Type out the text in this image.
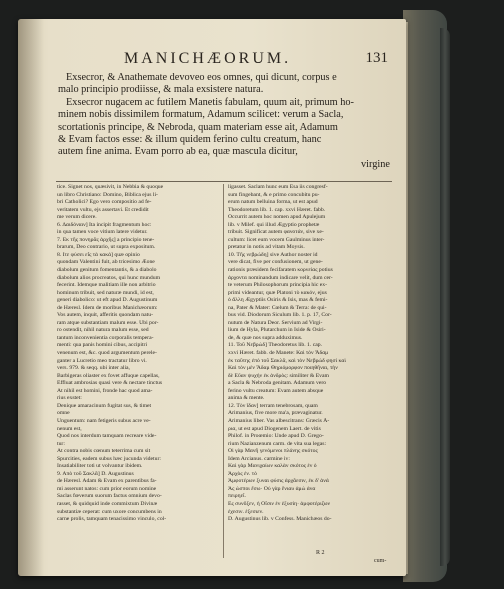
MANICHÆORUM.	131
Exsecror, & Anathemate devoveo eos omnes, qui dicunt, corpus e
malo principio prodiisse, & mala exsistere natura.
Exsecror nugacem ac futilem Manetis fabulam, quum ait, primum ho-
minem nobis dissimilem formatum, Adamum scilicet: verum a Sacla,
scortationis principe, & Nebroda, quam materiam esse ait, Adamum
& Evam factos esse: & illum quidem ferino cultu creatum, hanc
autem fine anima. Evam porro ab ea, quæ mascula dicitur,
virgine
tice. Signet nos, quæsivit, in Nebbia & quoque
un libro Christiano: Domino, Biblica ejus li-
bri Catholici? Ego vero compositio ad fe-
veritatem vultu, ejs assertavi. Et credidit
me verum dicere.
6. Δαιδόναιν] Ita incipit fragmentum hoc:
in qua tamen voce vitium latere videtur.
7. Εκ τῆς πονηρᾶς ἀρχῆς] a principio tene-
brarum, Deo contrario, ut supra expositum.
8. Ιτε φύσει εἶς τὰ κακά] quæ opinio
quondam Valentini fuit, ab tricesimo Æone
diabolum genitum fomentantis, & a diabolo
diabolum alios procreatos, qui hunc mundum
fecerint. Idemque malitiam ille non arbitrio
hominum tribuit, sed naturæ mundi, id est,
generi diabolico: ut eft apud D. Augustinum
de Hæresl. Idem de moribus Manichæorum:
Vos autem, inquit, afferitis quondam natu-
ram atque substantiam malum esse. Ubi por-
ro ostendit, nihil natura malum esse, sed
tantum inconvenientia corporalis tempera-
menti: qua panis homini cibus, accipitri
venenum est, &c. quod argumentum perele-
ganter a Lucretio meo tractatur libro vi.
vers. 979. & seqq. ubi inter alia,
Barbigeras oliaster ex fovet affuque capellas,
Effluat ambrosias quasi vere & nectare tinctus
At nihil est homini, fronde hac quod ama-
rius exstet:
Denique amaracinum fugitat sus, & timet
omne
Unguentum: nam fetigeris subus acre ve-
nenum est,
Quod nos interdum tamquam recreare vide-
tur:
At contra nobis cœnum teterrima cum sit
Spurcities, eadem subus hæc jucunda videtur:
Insatiabiliter toti ut volvantur ibidem.
9. Απὸ τοῦ Σακλᾶ] D. Augustinus
de Hæresl. Adam & Evam ex parentibus fa-
mi asserunt natos: cum prior eorum nomine
Saclas fœverum suorum factus omnium devo-
rasset, & quidquid inde commixtum Divinæ
substantiæ ceperat: cum uxore concumbens in
carne prolis, tamquam tenacissimo vinculo, col-
ligasset. Saclam hunc eum Esa iis congresf-
sum fingebant, & e primo concubitu pu-
erum natum belluina forma, ut est apud
Theodoretum lib. 1. cap. xxvi Hæret. fabb.
Occurrit autem hoc nomen apud Apulejum
lib. v Milef. qui illud Ægyptio prophetæ
tribuit. Significat autem φανοτάν, sive xe-
cultum: licet eum vocem Gaulminus inter-
pretatur in notis ad vitam Moysis.
10. Τῆς νεβρώδη] sive Author noster id
vere dicat, five per confusionem, ut gene-
rationis præsidem fecifaratem κορνείας potius
ἀρχοντα nominandum indicare velit, dum cer-
te veterum Philosophorum principia hic ex-
primi videantur, quæ Platoni τὸ κακόν, ejus
ὁ ἄλλη Ægyptiis Osiris & Isis, mas & femi-
na, Pater & Mater: Cœlum & Terra: de qui-
bus vid. Diodorum Siculum lib. 1. p. 17, Cor-
nutum de Natura Deor. Servium ad Virgi-
lium de Hyla, Plutarchum in Iside & Osiri-
de, & quæ nos supra adduximus.
11. Τοῦ Νεβρώδ] Theodoretus lib. 1. cap.
xxvi Hæret. fabb. de Manete: Καὶ τὸν Ἄδαμ
ἐκ ταῦτης ἐπό τοῦ Σακλᾶ, καὶ τὸν Νεβρώδ φησί καὶ
Καὶ τὸν μὲν Ἄδαμ Θηριόμορφον ποιηθῆναι, τὴν
δὲ Εὔαν ψυχήν ἐκ ἀνδρὸς: similiter & Evam
a Sacla & Nebroda genitam. Adamum vero
ferino vultu creatum: Evam autem absque
anima & mente.
12. Τὸν ἴδαν] terram tenebrosam, quam
Arimanius, five more ma'a, prævaginatur.
Arimanius liber. Vas albescitrans: Græcis Å-
ρια, ut est apud Diogenem Laert. de vitis
Philof. in Proœmio: Unde apud D. Grego-
rium Nazianzenum carm. de vita sua legas:
Οἱ γὰρ Μανῆ γενόμενοι πλάνης σκότος
Idem Arcianus. carmine iv:
Καὶ γὰρ Μανιχαίων καλὰν σκότος ἐν ὁ
Ἀρχὸς ἐν. τὸ
Ἀμφοτέρων ξυναι φύσις ἀρχᾶεσιν, ἐκ δ' ἀνά
Ἀς ὡσποι ἔσω· Οὐ γὰρ ἔνιαυ ἀμὼ ἀνα
πειρηεῖ.
Ες συνὄξεν, ἡ Οἷσιν ἐν ἑξυσίη· ἀμφοτέριζων
ἑχεσιν. ἑξεσιεν.
D. Augustinus lib. v Confess. Manichæos do-
R 2
cum-
